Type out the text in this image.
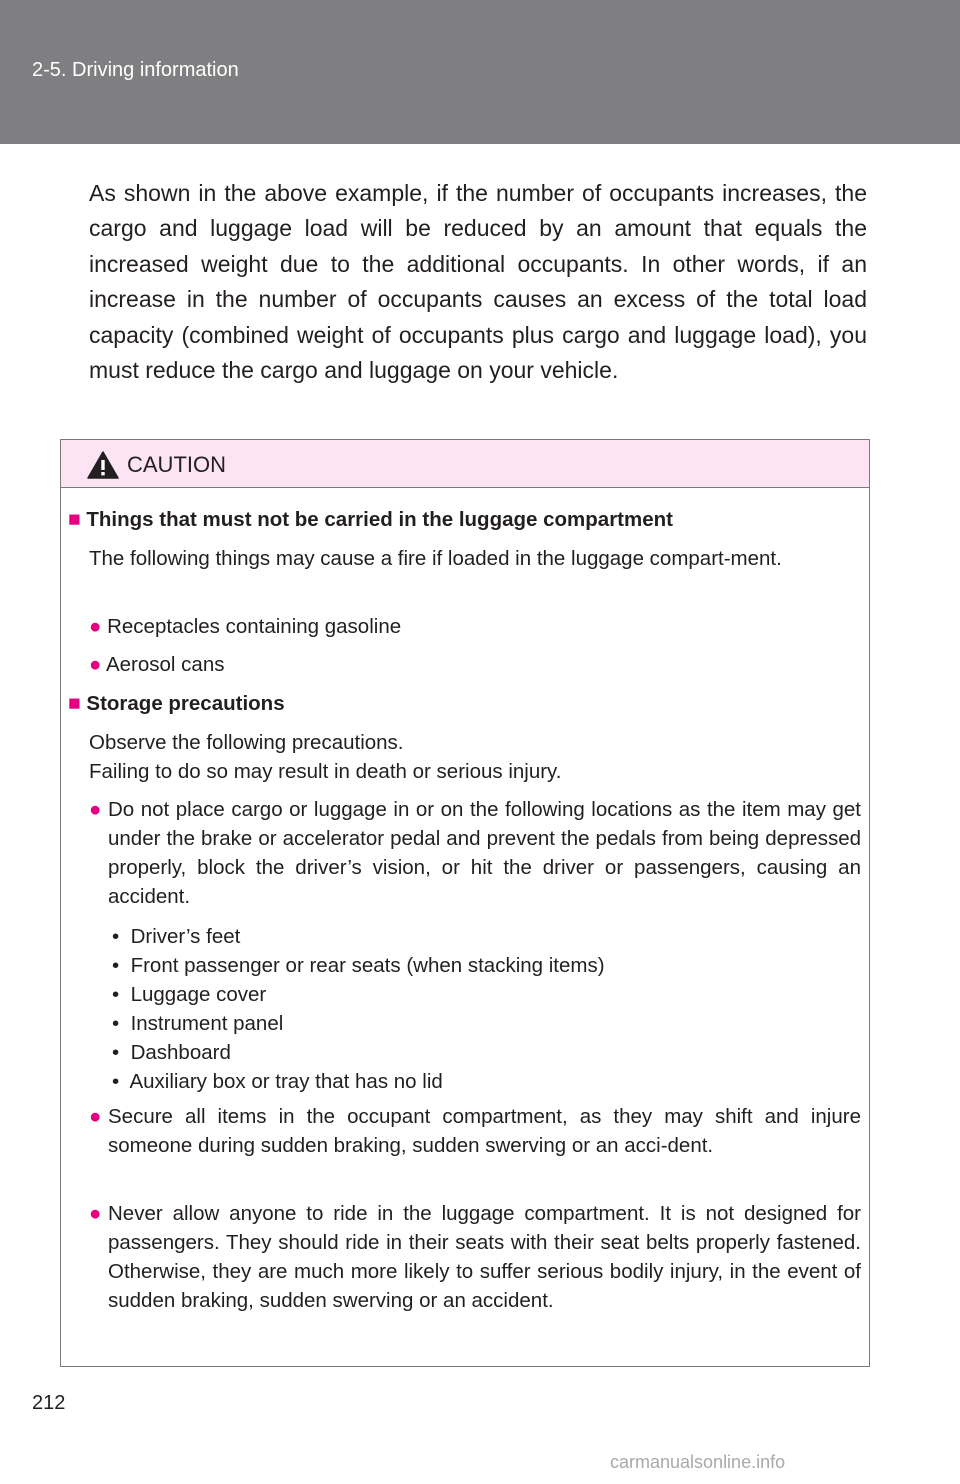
2-5. Driving information

As shown in the above example, if the number of occupants increases, the cargo and luggage load will be reduced by an amount that equals the increased weight due to the additional occupants. In other words, if an increase in the number of occupants causes an excess of the total load capacity (combined weight of occupants plus cargo and luggage load), you must reduce the cargo and luggage on your vehicle.

CAUTION
■ Things that must not be carried in the luggage compartment
The following things may cause a fire if loaded in the luggage compart-ment.
● Receptacles containing gasoline
● Aerosol cans
■ Storage precautions
Observe the following precautions.
Failing to do so may result in death or serious injury.
● Do not place cargo or luggage in or on the following locations as the item may get under the brake or accelerator pedal and prevent the pedals from being depressed properly, block the driver’s vision, or hit the driver or passengers, causing an accident.
•  Driver’s feet
•  Front passenger or rear seats (when stacking items)
•  Luggage cover
•  Instrument panel
•  Dashboard
•  Auxiliary box or tray that has no lid
● Secure all items in the occupant compartment, as they may shift and injure someone during sudden braking, sudden swerving or an acci-dent.
● Never allow anyone to ride in the luggage compartment. It is not designed for passengers. They should ride in their seats with their seat belts properly fastened. Otherwise, they are much more likely to suffer serious bodily injury, in the event of sudden braking, sudden swerving or an accident.
212
carmanualsonline.info
